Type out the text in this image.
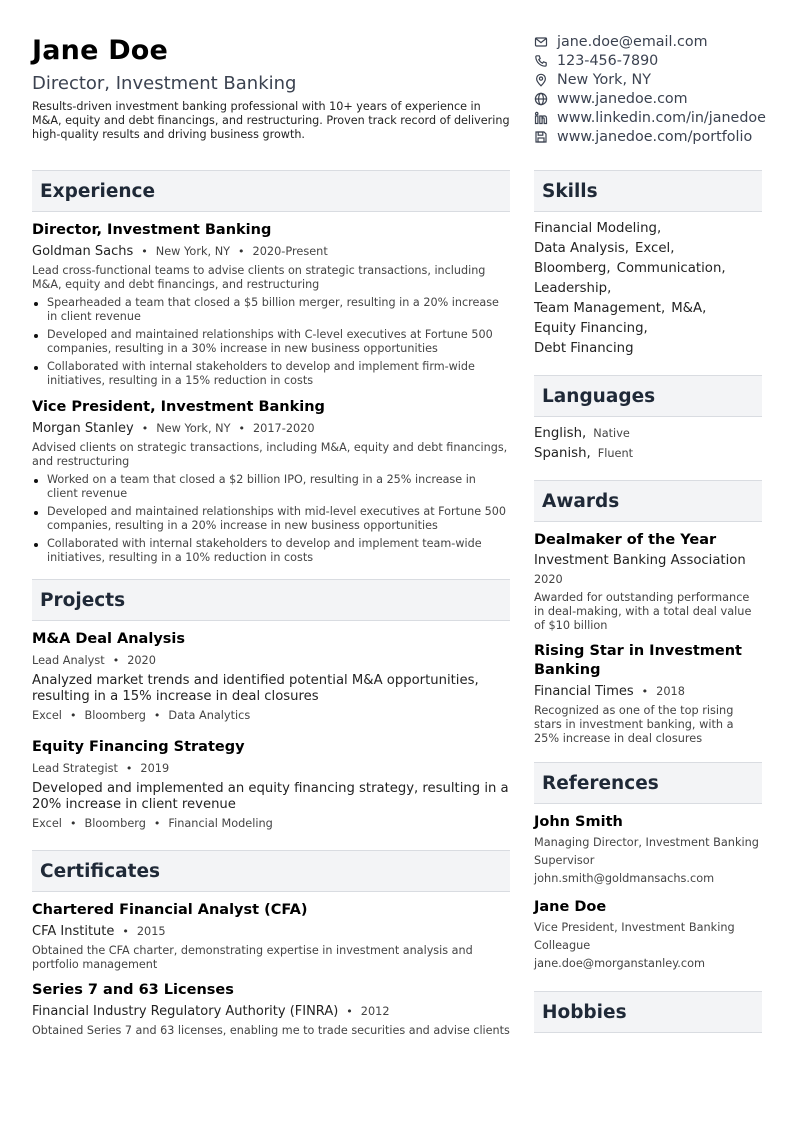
Jane Doe
Director, Investment Banking
Results-driven investment banking professional with 10+ years of experience in M&A, equity and debt financings, and restructuring. Proven track record of delivering high-quality results and driving business growth.
jane.doe@email.com
123-456-7890
New York, NY
www.janedoe.com
www.linkedin.com/in/janedoe
www.janedoe.com/portfolio
Experience
Director, Investment Banking
Goldman Sachs • New York, NY • 2020-Present
Lead cross-functional teams to advise clients on strategic transactions, including M&A, equity and debt financings, and restructuring
Spearheaded a team that closed a $5 billion merger, resulting in a 20% increase in client revenue
Developed and maintained relationships with C-level executives at Fortune 500 companies, resulting in a 30% increase in new business opportunities
Collaborated with internal stakeholders to develop and implement firm-wide initiatives, resulting in a 15% reduction in costs
Vice President, Investment Banking
Morgan Stanley • New York, NY • 2017-2020
Advised clients on strategic transactions, including M&A, equity and debt financings, and restructuring
Worked on a team that closed a $2 billion IPO, resulting in a 25% increase in client revenue
Developed and maintained relationships with mid-level executives at Fortune 500 companies, resulting in a 20% increase in new business opportunities
Collaborated with internal stakeholders to develop and implement team-wide initiatives, resulting in a 10% reduction in costs
Projects
M&A Deal Analysis
Lead Analyst • 2020
Analyzed market trends and identified potential M&A opportunities, resulting in a 15% increase in deal closures
Excel • Bloomberg • Data Analytics
Equity Financing Strategy
Lead Strategist • 2019
Developed and implemented an equity financing strategy, resulting in a 20% increase in client revenue
Excel • Bloomberg • Financial Modeling
Certificates
Chartered Financial Analyst (CFA)
CFA Institute • 2015
Obtained the CFA charter, demonstrating expertise in investment analysis and portfolio management
Series 7 and 63 Licenses
Financial Industry Regulatory Authority (FINRA) • 2012
Obtained Series 7 and 63 licenses, enabling me to trade securities and advise clients
Skills
Financial Modeling,
Data Analysis, Excel,
Bloomberg, Communication,
Leadership,
Team Management, M&A,
Equity Financing,
Debt Financing
Languages
English, Native
Spanish, Fluent
Awards
Dealmaker of the Year
Investment Banking Association
2020
Awarded for outstanding performance in deal-making, with a total deal value of $10 billion
Rising Star in Investment Banking
Financial Times • 2018
Recognized as one of the top rising stars in investment banking, with a 25% increase in deal closures
References
John Smith
Managing Director, Investment Banking
Supervisor
john.smith@goldmansachs.com
Jane Doe
Vice President, Investment Banking
Colleague
jane.doe@morganstanley.com
Hobbies
